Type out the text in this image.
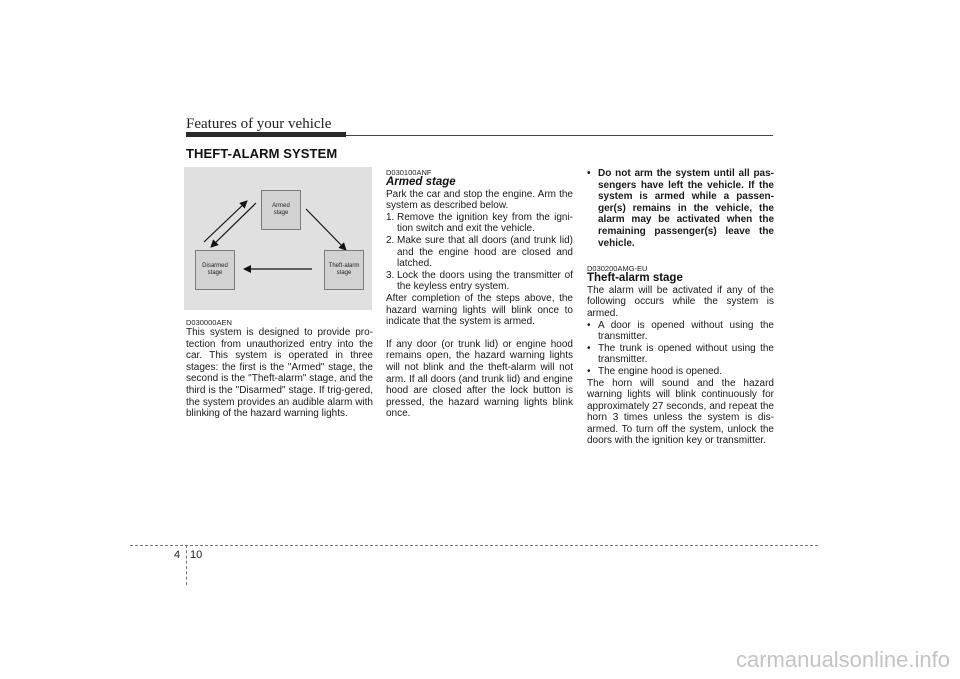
Features of your vehicle
THEFT-ALARM SYSTEM
Armed
stage
Disarmed
stage
Theft-alarm
stage

D030000AEN

This system is designed to provide pro-tection from unauthorized entry into the car. This system is operated in three stages: the first is the "Armed" stage, the second is the "Theft-alarm" stage, and the third is the "Disarmed" stage. If trig-gered, the system provides an audible alarm with blinking of the hazard warning lights.

D030100ANF

Armed stage

Park the car and stop the engine. Arm the system as described below.

1. Remove the ignition key from the igni-tion switch and exit the vehicle.
2. Make sure that all doors (and trunk lid) and the engine hood are closed and latched.
3. Lock the doors using the transmitter of the keyless entry system.

After completion of the steps above, the hazard warning lights will blink once to indicate that the system is armed.

If any door (or trunk lid) or engine hood remains open, the hazard warning lights will not blink and the theft-alarm will not arm. If all doors (and trunk lid) and engine hood are closed after the lock button is pressed, the hazard warning lights blink once.

• Do not arm the system until all pas-sengers have left the vehicle. If the system is armed while a passen-ger(s) remains in the vehicle, the alarm may be activated when the remaining passenger(s) leave the vehicle.

D030200AMG-EU

Theft-alarm stage

The alarm will be activated if any of the following occurs while the system is armed.

• A door is opened without using the transmitter.
• The trunk is opened without using the transmitter.
• The engine hood is opened.

The horn will sound and the hazard warning lights will blink continuously for approximately 27 seconds, and repeat the horn 3 times unless the system is dis-armed. To turn off the system, unlock the doors with the ignition key or transmitter.

4 10
carmanualsonline.info
